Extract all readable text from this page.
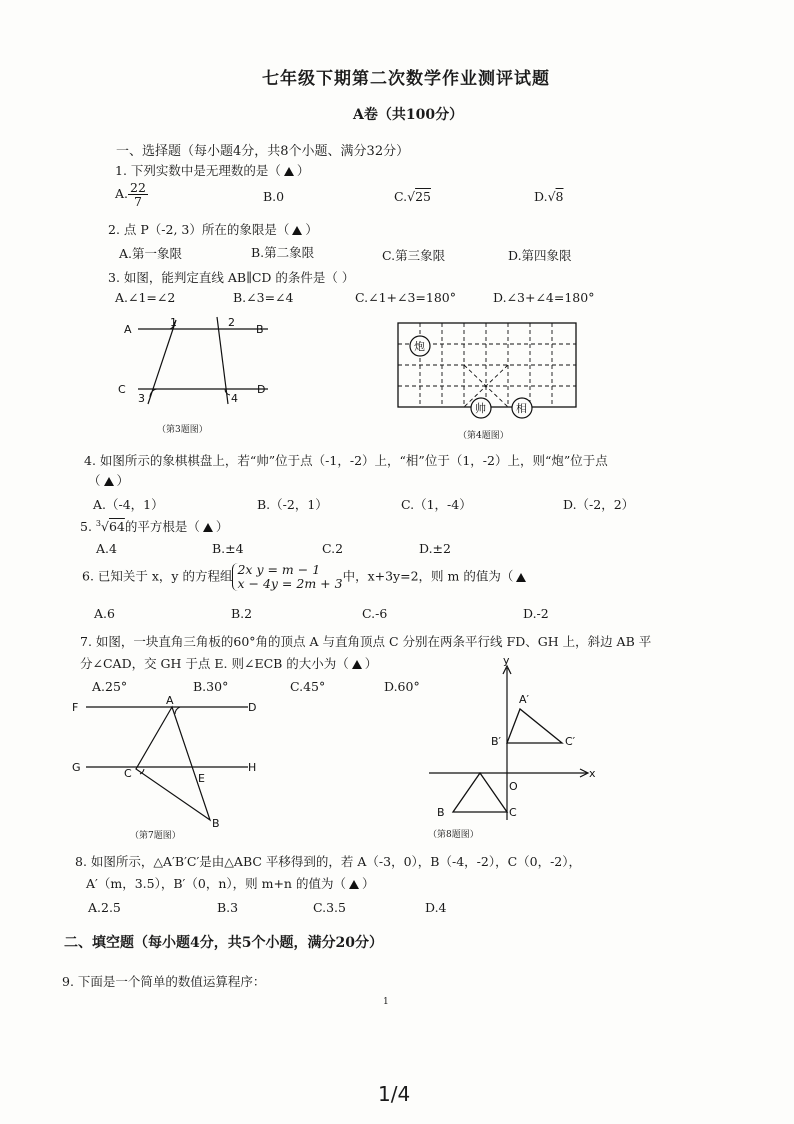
七年级下期第二次数学作业测评试题
A卷（共100分）
一、选择题（每小题4分，共8个小题、满分32分）
1. 下列实数中是无理数的是（ ）
A. $\frac{22}{7}$	B.0	C.√25	D.√8
2. 点 P（-2, 3）所在的象限是（ ）
A.第一象限	B.第二象限	C.第三象限	D.第四象限
3. 如图，能判定直线 AB∥CD 的条件是（ ）
A.∠1=∠2	B.∠3=∠4	C.∠1+∠3=180°	D.∠3+∠4=180°
A	B
C	D
1	2
3	4
（第3题图）
炮
帅	相
（第4题图）
4. 如图所示的象棋棋盘上，若“帅”位于点（-1，-2）上，“相”位于（1，-2）上，则“炮”位于点
（ ）
A.（-4，1）	B.（-2，1）	C.（1，-4）	D.（-2，2）
5. $^3$√64的平方根是（ ）
A.4	B.±4	C.2	D.±2
6. 已知关于 x，y 的方程组 2x y = m − 1
x − 4y = 2m + 3 中，x+3y=2，则 m 的值为（
A.6	B.2	C.-6	D.-2
7. 如图，一块直角三角板的60°角的顶点 A 与直角顶点 C 分别在两条平行线 FD、GH 上，斜边 AB 平
分∠CAD，交 GH 于点 E. 则∠ECB 的大小为（ ）
A.25°	B.30°	C.45°	D.60°
F	D
G	H
A
C	E
B
（第7题图）
y
x
O
A′
B′	C′
B	C
（第8题图）
8. 如图所示，△A′B′C′是由△ABC 平移得到的，若 A（-3，0），B（-4，-2），C（0，-2），
A′（m，3.5），B′（0，n），则 m+n 的值为（ ）
A.2.5	B.3	C.3.5	D.4
二、填空题（每小题4分，共5个小题，满分20分）
9. 下面是一个简单的数值运算程序：
1
1/4
